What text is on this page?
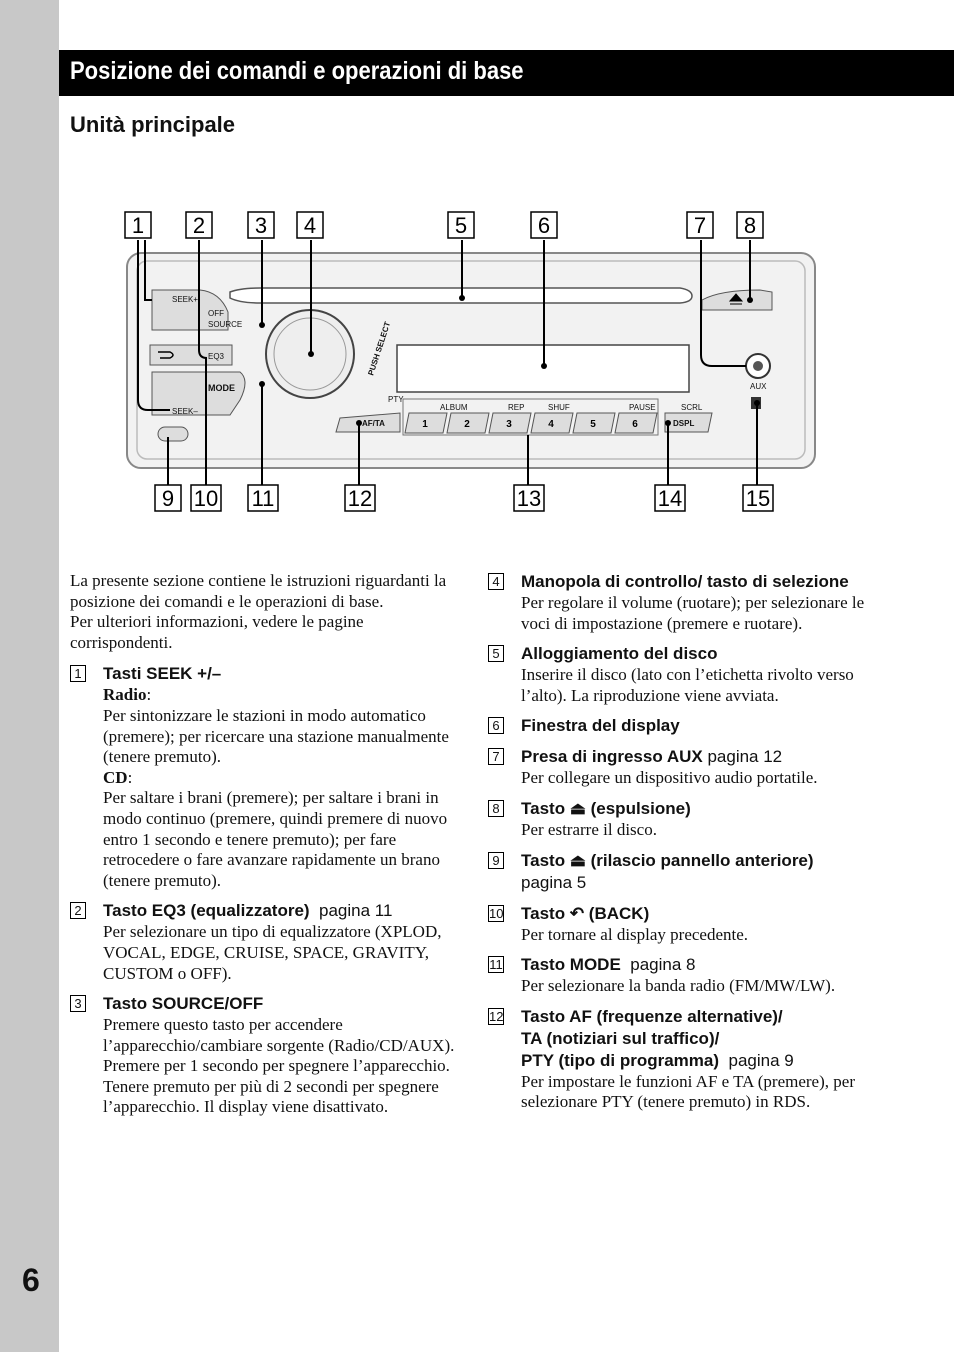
6
Posizione dei comandi e operazioni di base
Unità principale
1 2 3 4	5	6	7 8
9 10 11	12	13	14	15
1	2	3	4	5	6
SEEK+
OFF
SOURCE
EQ3
MODE
SEEK–
PUSH SELECT
PTY
AF/TA
ALBUM	REP	SHUF	PAUSE	SCRL
DSPL
AUX

La presente sezione contiene le istruzioni riguardanti la posizione dei comandi e le operazioni di base.

Per ulteriori informazioni, vedere le pagine corrispondenti.

1 Tasti SEEK +/–

Radio:

Per sintonizzare le stazioni in modo automatico (premere); per ricercare una stazione manualmente (tenere premuto).

CD:

Per saltare i brani (premere); per saltare i brani in modo continuo (premere, quindi premere di nuovo entro 1 secondo e tenere premuto); per fare retrocedere o fare avanzare rapidamente un brano (tenere premuto).

2 Tasto EQ3 (equalizzatore) pagina 11

Per selezionare un tipo di equalizzatore (XPLOD, VOCAL, EDGE, CRUISE, SPACE, GRAVITY, CUSTOM o OFF).

3 Tasto SOURCE/OFF

Premere questo tasto per accendere l’apparecchio/cambiare sorgente (Radio/CD/AUX).

Premere per 1 secondo per spegnere l’apparecchio.

Tenere premuto per più di 2 secondi per spegnere l’apparecchio. Il display viene disattivato.

4 Manopola di controllo/ tasto di selezione

Per regolare il volume (ruotare); per selezionare le voci di impostazione (premere e ruotare).

5 Alloggiamento del disco

Inserire il disco (lato con l’etichetta rivolto verso l’alto). La riproduzione viene avviata.

6 Finestra del display
7 Presa di ingresso AUX pagina 12

Per collegare un dispositivo audio portatile.

8 Tasto ⏏ (espulsione)

Per estrarre il disco.

9 Tasto ⏏ (rilascio pannello anteriore)
pagina 5
10 Tasto ↶ (BACK)

Per tornare al display precedente.

11 Tasto MODE pagina 8

Per selezionare la banda radio (FM/MW/LW).

12 Tasto AF (frequenze alternative)/
TA (notiziari sul traffico)/
PTY (tipo di programma) pagina 9

Per impostare le funzioni AF e TA (premere), per selezionare PTY (tenere premuto) in RDS.
